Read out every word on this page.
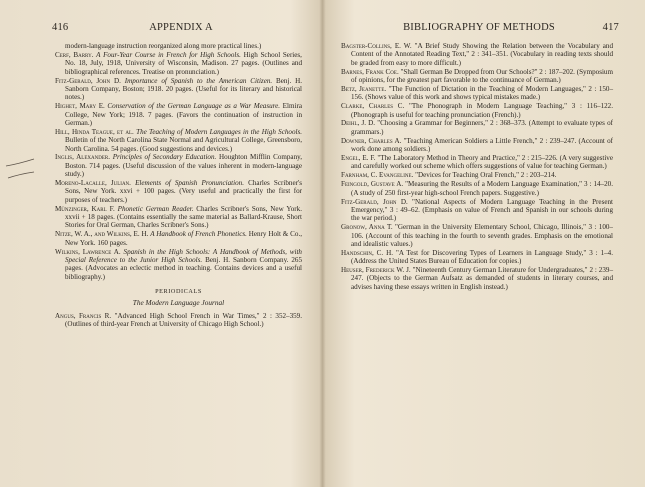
416	APPENDIX A

modern-language instruction reorganized along more practical lines.)

Cerf, Barry. A Four-Year Course in French for High Schools. High School Series, No. 18, July, 1918, University of Wisconsin, Madison. 27 pages. (Outlines and bibliographical references. Treatise on pronunciation.)

Fitz-Gerald, John D. Importance of Spanish to the American Citizen. Benj. H. Sanborn Company, Boston; 1918. 20 pages. (Useful for its literary and historical notes.)

Highet, Mary E. Conservation of the German Language as a War Measure. Elmira College, New York; 1918. 7 pages. (Favors the continuation of instruction in German.)

Hill, Hinda Teague, et al. The Teaching of Modern Languages in the High Schools. Bulletin of the North Carolina State Normal and Agricultural College, Greensboro, North Carolina. 54 pages. (Good suggestions and devices.)

Inglis, Alexander. Principles of Secondary Education. Houghton Mifflin Company, Boston. 714 pages. (Useful discussion of the values inherent in modern-language study.)

Moreno-Lacalle, Julian. Elements of Spanish Pronunciation. Charles Scribner's Sons, New York. xxvi + 100 pages. (Very useful and practically the first for purposes of teachers.)

Münzinger, Karl F. Phonetic German Reader. Charles Scribner's Sons, New York. xxvii + 18 pages. (Contains essentially the same material as Ballard-Krause, Short Stories for Oral German, Charles Scribner's Sons.)

Nitze, W. A., and Wilkins, E. H. A Handbook of French Phonetics. Henry Holt & Co., New York. 160 pages.

Wilkins, Lawrence A. Spanish in the High Schools: A Handbook of Methods, with Special Reference to the Junior High Schools. Benj. H. Sanborn Company. 265 pages. (Advocates an eclectic method in teaching. Contains devices and a useful bibliography.)

PERIODICALS
The Modern Language Journal

Angus, Francis R. "Advanced High School French in War Times," 2 : 352–359. (Outlines of third-year French at University of Chicago High School.)

BIBLIOGRAPHY OF METHODS	417

Bagster-Collins, E. W. "A Brief Study Showing the Relation between the Vocabulary and Content of the Annotated Reading Text," 2 : 341–351. (Vocabulary in reading texts should be graded from easy to more difficult.)

Barnes, Frank Coe. "Shall German Be Dropped from Our Schools?" 2 : 187–202. (Symposium of opinions, for the greatest part favorable to the continuance of German.)

Betz, Jeanette. "The Function of Dictation in the Teaching of Modern Languages," 2 : 150–156. (Shows value of this work and shows typical mistakes made.)

Clarke, Charles C. "The Phonograph in Modern Language Teaching," 3 : 116–122. (Phonograph is useful for teaching pronunciation (French).)

Deihl, J. D. "Choosing a Grammar for Beginners," 2 : 368–373. (Attempt to evaluate types of grammars.)

Downer, Charles A. "Teaching American Soldiers a Little French," 2 : 239–247. (Account of work done among soldiers.)

Engel, E. F. "The Laboratory Method in Theory and Practice," 2 : 215–226. (A very suggestive and carefully worked out scheme which offers suggestions of value for teaching German.)

Farnham, C. Evangeline. "Devices for Teaching Oral French," 2 : 203–214.

Feingold, Gustave A. "Measuring the Results of a Modern Language Examination," 3 : 14–20. (A study of 250 first-year high-school French papers. Suggestive.)

Fitz-Gerald, John D. "National Aspects of Modern Language Teaching in the Present Emergency," 3 : 49–62. (Emphasis on value of French and Spanish in our schools during the war period.)

Gronow, Anna T. "German in the University Elementary School, Chicago, Illinois," 3 : 100–106. (Account of this teaching in the fourth to seventh grades. Emphasis on the emotional and idealistic values.)

Handschin, C. H. "A Test for Discovering Types of Learners in Language Study," 3 : 1–4. (Address the United States Bureau of Education for copies.)

Heuser, Frederick W. J. "Nineteenth Century German Literature for Undergraduates," 2 : 239–247. (Objects to the German Aufsatz as demanded of students in literary courses, and advises having these essays written in English instead.)
